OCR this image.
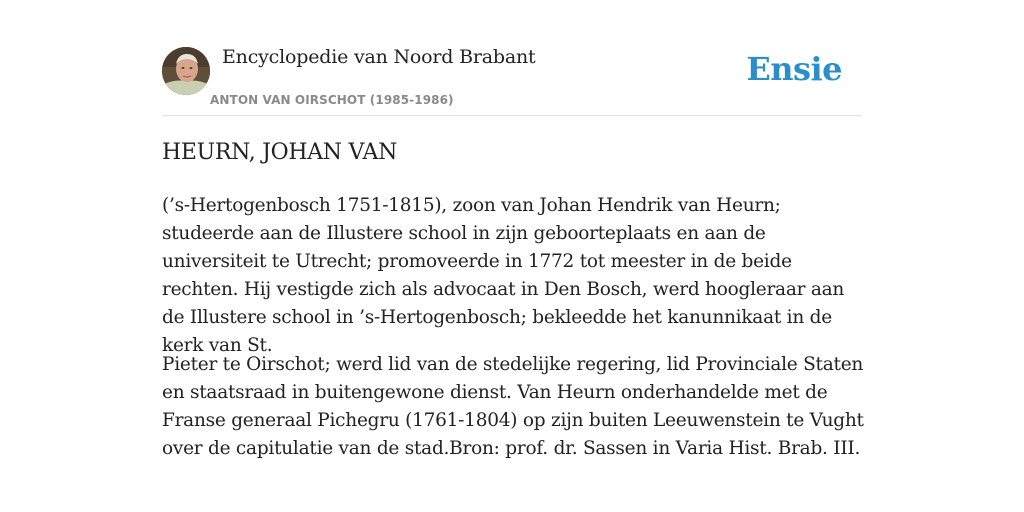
Encyclopedie van Noord Brabant
ANTON VAN OIRSCHOT (1985-1986)
Ensie
HEURN, JOHAN VAN

(’s-Hertogenbosch 1751-1815), zoon van Johan Hendrik van Heurn; studeerde aan de Illustere school in zijn geboorteplaats en aan de universiteit te Utrecht; promoveerde in 1772 tot meester in de beide rechten. Hij vestigde zich als advocaat in Den Bosch, werd hoogleraar aan de Illustere school in ’s-Hertogenbosch; bekleedde het kanunnikaat in de kerk van St.

Pieter te Oirschot; werd lid van de stedelijke regering, lid Provinciale Staten en staatsraad in buitengewone dienst. Van Heurn onderhandelde met de Franse generaal Pichegru (1761-1804) op zijn buiten Leeuwenstein te Vught over de capitulatie van de stad.Bron: prof. dr. Sassen in Varia Hist. Brab. III.
